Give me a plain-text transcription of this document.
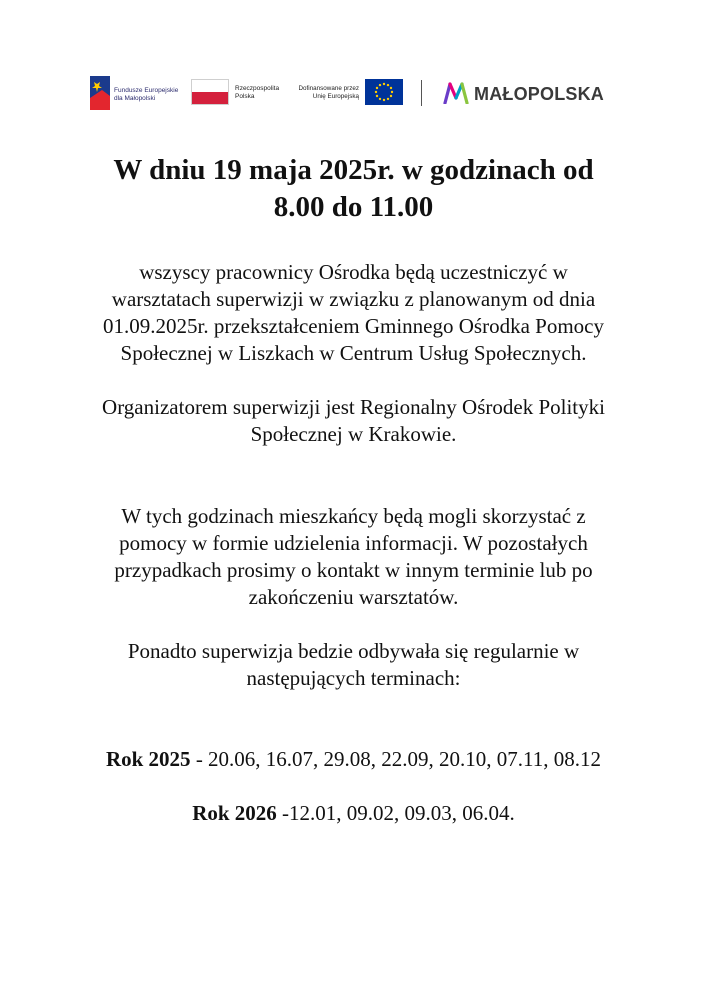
Fundusze Europejskie
dla Małopolski
Rzeczpospolita
Polska
Dofinansowane przez
Unię Europejską	MAŁOPOLSKA
W dniu 19 maja 2025r. w godzinach od
8.00 do 11.00
wszyscy pracownicy Ośrodka będą uczestniczyć w
warsztatach superwizji w związku z planowanym od dnia
01.09.2025r. przekształceniem Gminnego Ośrodka Pomocy
Społecznej w Liszkach w Centrum Usług Społecznych.
Organizatorem superwizji jest Regionalny Ośrodek Polityki
Społecznej w Krakowie.
W tych godzinach mieszkańcy będą mogli skorzystać z
pomocy w formie udzielenia informacji. W pozostałych
przypadkach prosimy o kontakt w innym terminie lub po
zakończeniu warsztatów.
Ponadto superwizja bedzie odbywała się regularnie w
następujących terminach:
Rok 2025 - 20.06, 16.07, 29.08, 22.09, 20.10, 07.11, 08.12
Rok 2026 -12.01, 09.02, 09.03, 06.04.
